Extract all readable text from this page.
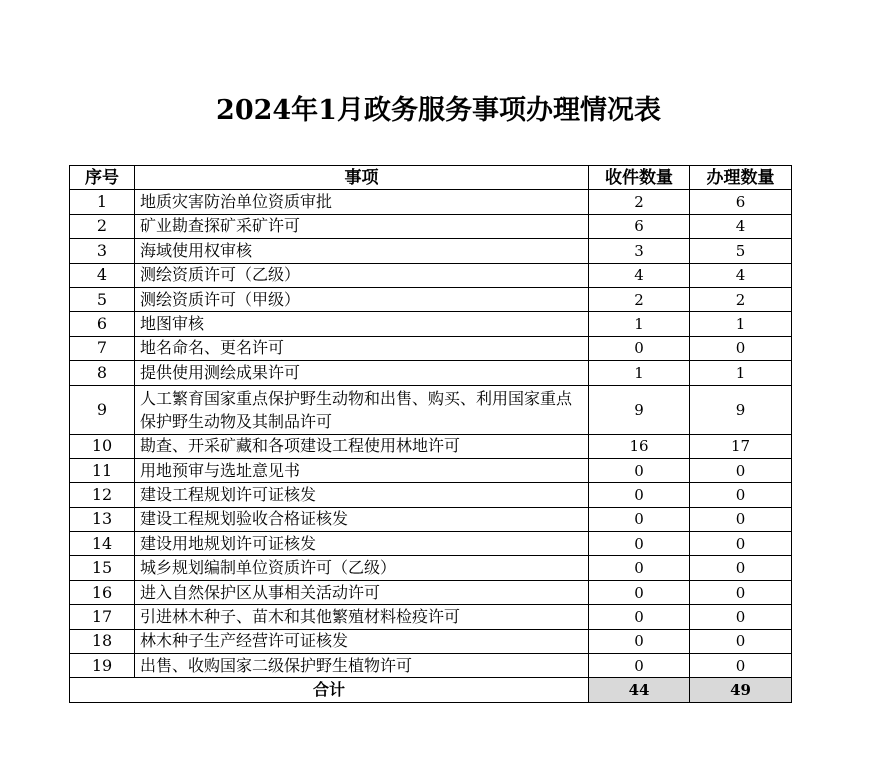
2024年1月政务服务事项办理情况表
序号	事项	收件数量	办理数量
1	地质灾害防治单位资质审批	2	6
2	矿业勘查探矿采矿许可	6	4
3	海域使用权审核	3	5
4	测绘资质许可（乙级）	4	4
5	测绘资质许可（甲级）	2	2
6	地图审核	1	1
7	地名命名、更名许可	0	0
8	提供使用测绘成果许可	1	1
9	人工繁育国家重点保护野生动物和出售、购买、利用国家重点保护野生动物及其制品许可	9	9
10	勘查、开采矿藏和各项建设工程使用林地许可	16	17
11	用地预审与选址意见书	0	0
12	建设工程规划许可证核发	0	0
13	建设工程规划验收合格证核发	0	0
14	建设用地规划许可证核发	0	0
15	城乡规划编制单位资质许可（乙级）	0	0
16	进入自然保护区从事相关活动许可	0	0
17	引进林木种子、苗木和其他繁殖材料检疫许可	0	0
18	林木种子生产经营许可证核发	0	0
19	出售、收购国家二级保护野生植物许可	0	0
合计		44	49
